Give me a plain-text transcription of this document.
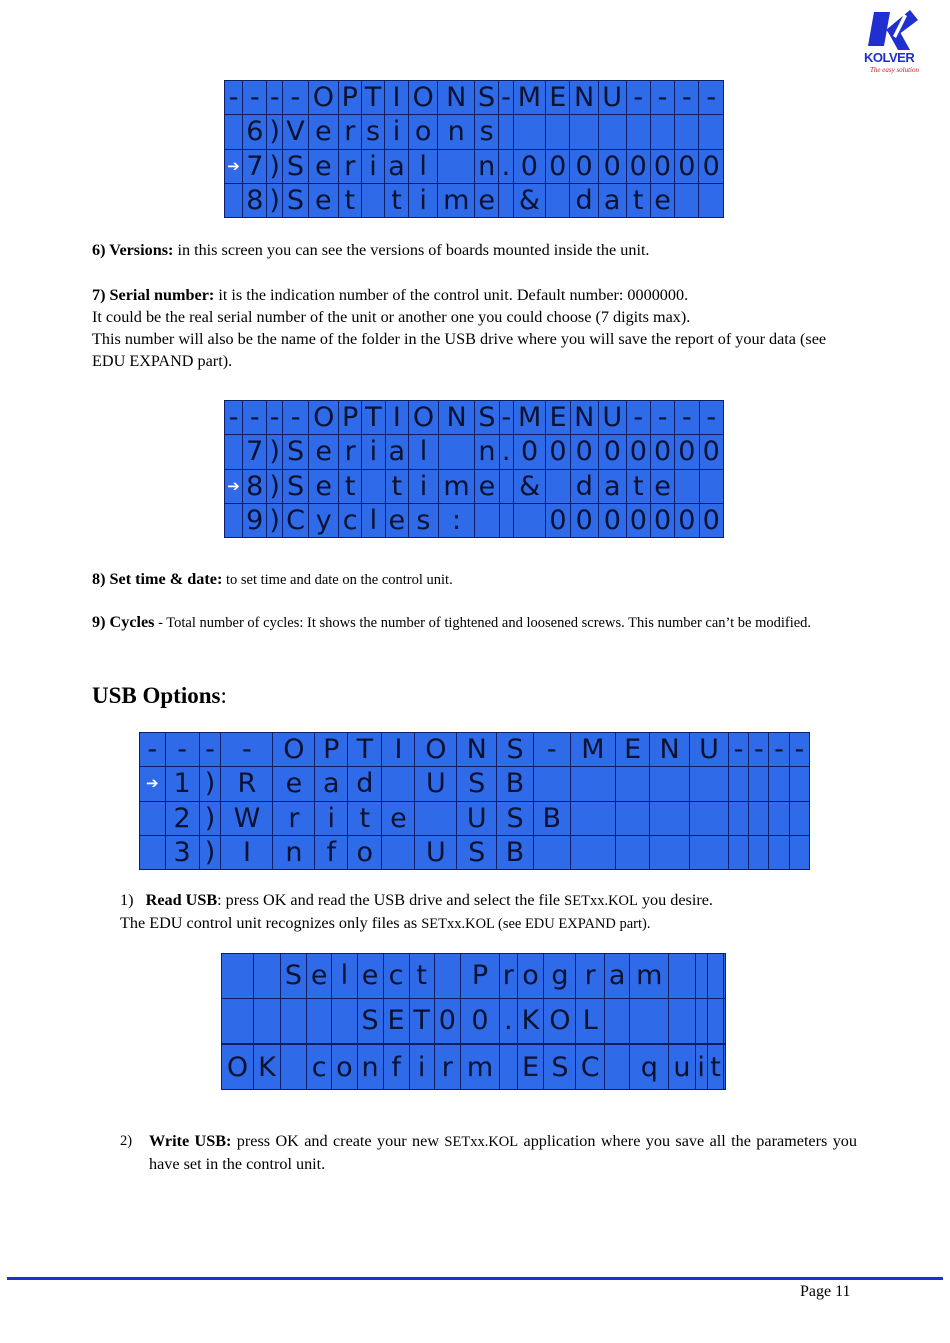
KOLVER
The easy solution
-	-	-	-	O	P	T	I	O	N	S	-	M	E	N	U	-	-	-	-
	6	)	V	e	r	s	i	o	n	s									
➔	7	)	S	e	r	i	a	l		n	.	0	0	0	0	0	0	0	0
	8	)	S	e	t		t	i	m	e		&		d	a	t	e		
6) Versions: in this screen you can see the versions of boards mounted inside the unit.
7) Serial number: it is the indication number of the control unit. Default number: 0000000.
It could be the real serial number of the unit or another one you could choose (7 digits max).
This number will also be the name of the folder in the USB drive where you will save the report of your data (see EDU EXPAND part).
-	-	-	-	O	P	T	I	O	N	S	-	M	E	N	U	-	-	-	-
	7	)	S	e	r	i	a	l		n	.	0	0	0	0	0	0	0	0
➔	8	)	S	e	t		t	i	m	e		&		d	a	t	e		
	9	)	C	y	c	l	e	s	:				0	0	0	0	0	0	0
8) Set time & date: to set time and date on the control unit.
9) Cycles - Total number of cycles: It shows the number of tightened and loosened screws. This number can’t be modified.
USB Options:
-	-	-	-	O	P	T	I	O	N	S	-	M	E	N	U	-	-	-	-
➔	1	)	R	e	a	d		U	S	B									
	2	)	W	r	i	t	e		U	S	B								
	3	)	I	n	f	o		U	S	B									
1) Read USB: press OK and read the USB drive and select the file SETxx.KOL you desire.
The EDU control unit recognizes only files as SETxx.KOL (see EDU EXPAND part).
		S	e	l	e	c	t		P	r	o	g	r	a	m				
					S	E	T	0	0	.	K	O	L						

O	K		c	o	n	f	i	r	m		E	S	C		q	u	i	t	
2)	Write USB: press OK and create your new SETxx.KOL application where you save all the parameters you have set in the control unit.
Page 11
